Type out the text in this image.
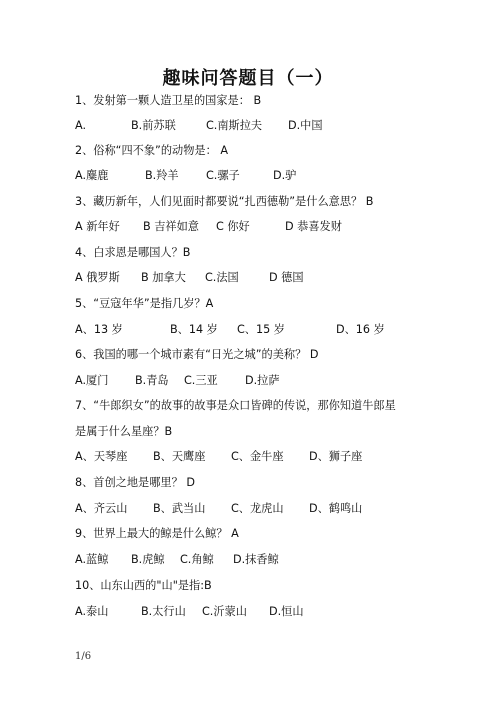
趣味问答题目（一）
1、发射第一颗人造卫星的国家是： B
A.	B.前苏联	C.南斯拉夫 D.中国
2、俗称“四不象”的动物是： A
A.麋鹿	B.羚羊 C.骡子	D.驴
3、藏历新年，人们见面时都要说“扎西德勒”是什么意思？ B
A 新年好 B 吉祥如意 C 你好	D 恭喜发财
4、白求恩是哪国人？B
A 俄罗斯 B 加拿大 C.法国	D 德国
5、“豆寇年华”是指几岁？A
A、13 岁	B、14 岁 C、15 岁	D、16 岁
6、我国的哪一个城市素有“日光之城”的美称？ D
A.厦门 B.青岛 C.三亚 D.拉萨
7、“牛郎织女”的故事的故事是众口皆碑的传说，那你知道牛郎星
是属于什么星座？B
A、天琴座 B、天鹰座 C、金牛座 D、狮子座
8、首创之地是哪里？ D
A、齐云山 B、武当山 C、龙虎山 D、鹤鸣山
9、世界上最大的鲸是什么鲸？ A
A.蓝鲸 B.虎鲸 C.角鲸 D.抹香鲸
10、山东山西的"山"是指:B
A.泰山	B.太行山 C.沂蒙山 D.恒山
1/6
